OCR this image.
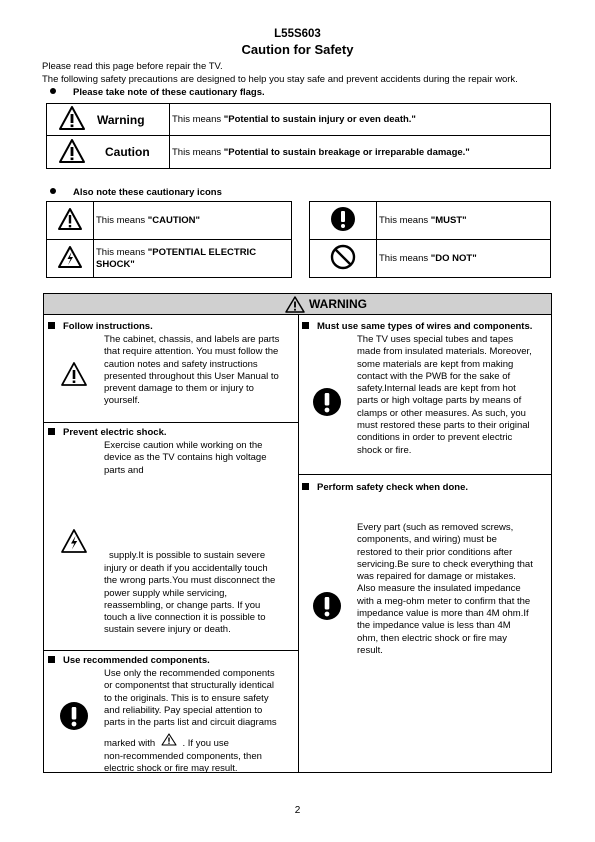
L55S603
Caution for Safety
Please read this page before repair the TV.
The following safety precautions are designed to help you stay safe and prevent accidents during the repair work.
Please take note of these cautionary flags.
	Warning	This means "Potential to sustain injury or even death."
	Caution	This means "Potential to sustain breakage or irreparable damage."
Also note these cautionary icons
	This means "CAUTION"
	This means "POTENTIAL ELECTRIC SHOCK"
	This means "MUST"
	This means "DO NOT"
WARNING
Follow instructions.
The cabinet, chassis, and labels are parts
that require attention. You must follow the
caution notes and safety instructions
presented throughout this User Manual to
prevent damage to them or injury to
yourself.
Prevent electric shock.
Exercise caution while working on the
device as the TV contains high voltage
parts and
supply.It is possible to sustain severe
injury or death if you accidentally touch
the wrong parts.You must disconnect the
power supply while servicing,
reassembling, or change parts. If you
touch a live connection it is possible to
sustain severe injury or death.
Use recommended components.
Use only the recommended components
or componentst that structurally identical
to the originals. This is to ensure safety
and reliability. Pay special attention to
parts in the parts list and circuit diagrams
marked with	. If you use
non-recommended components, then
electric shock or fire may result.
Must use same types of wires and components.
The TV uses special tubes and tapes
made from insulated materials. Moreover,
some materials are kept from making
contact with the PWB for the sake of
safety.Internal leads are kept from hot
parts or high voltage parts by means of
clamps or other measures. As such, you
must restored these parts to their original
conditions in order to prevent electric
shock or fire.
Perform safety check when done.
Every part (such as removed screws,
components, and wiring) must be
restored to their prior conditions after
servicing.Be sure to check everything that
was repaired for damage or mistakes.
Also measure the insulated impedance
with a meg-ohm meter to confirm that the
impedance value is more than 4M ohm.If
the impedance value is less than 4M
ohm, then electric shock or fire may
result.
2
